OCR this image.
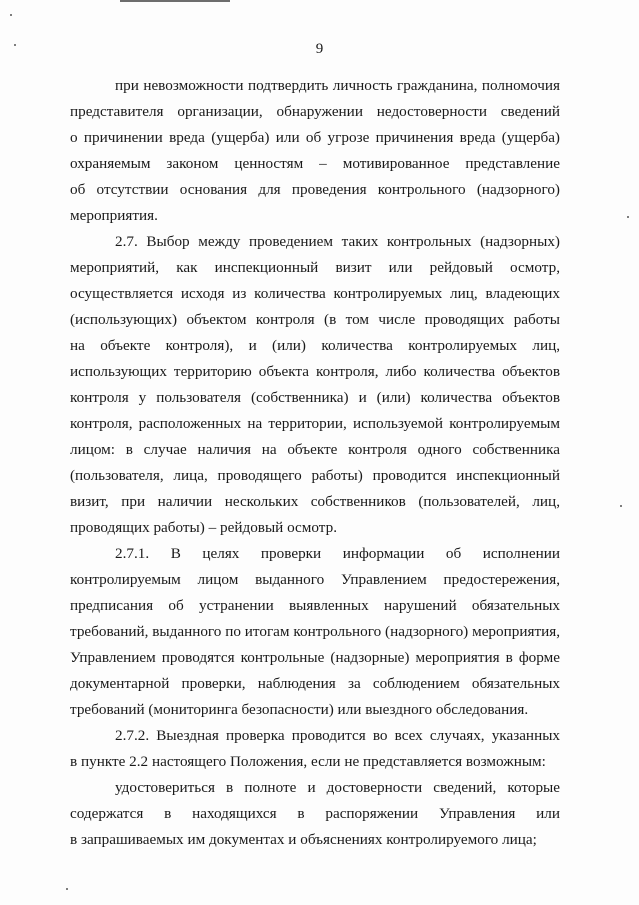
9
при невозможности подтвердить личность гражданина, полномочия
представителя организации, обнаружении недостоверности сведений
о причинении вреда (ущерба) или об угрозе причинения вреда (ущерба)
охраняемым законом ценностям – мотивированное представление
об отсутствии основания для проведения контрольного (надзорного)
мероприятия.
2.7. Выбор между проведением таких контрольных (надзорных)
мероприятий, как инспекционный визит или рейдовый осмотр,
осуществляется исходя из количества контролируемых лиц, владеющих
(использующих) объектом контроля (в том числе проводящих работы
на объекте контроля), и (или) количества контролируемых лиц,
использующих территорию объекта контроля, либо количества объектов
контроля у пользователя (собственника) и (или) количества объектов
контроля, расположенных на территории, используемой контролируемым
лицом: в случае наличия на объекте контроля одного собственника
(пользователя, лица, проводящего работы) проводится инспекционный
визит, при наличии нескольких собственников (пользователей, лиц,
проводящих работы) – рейдовый осмотр.
2.7.1. В целях проверки информации об исполнении
контролируемым лицом выданного Управлением предостережения,
предписания об устранении выявленных нарушений обязательных
требований, выданного по итогам контрольного (надзорного) мероприятия,
Управлением проводятся контрольные (надзорные) мероприятия в форме
документарной проверки, наблюдения за соблюдением обязательных
требований (мониторинга безопасности) или выездного обследования.
2.7.2. Выездная проверка проводится во всех случаях, указанных
в пункте 2.2 настоящего Положения, если не представляется возможным:
удостовериться в полноте и достоверности сведений, которые
содержатся в находящихся в распоряжении Управления или
в запрашиваемых им документах и объяснениях контролируемого лица;
